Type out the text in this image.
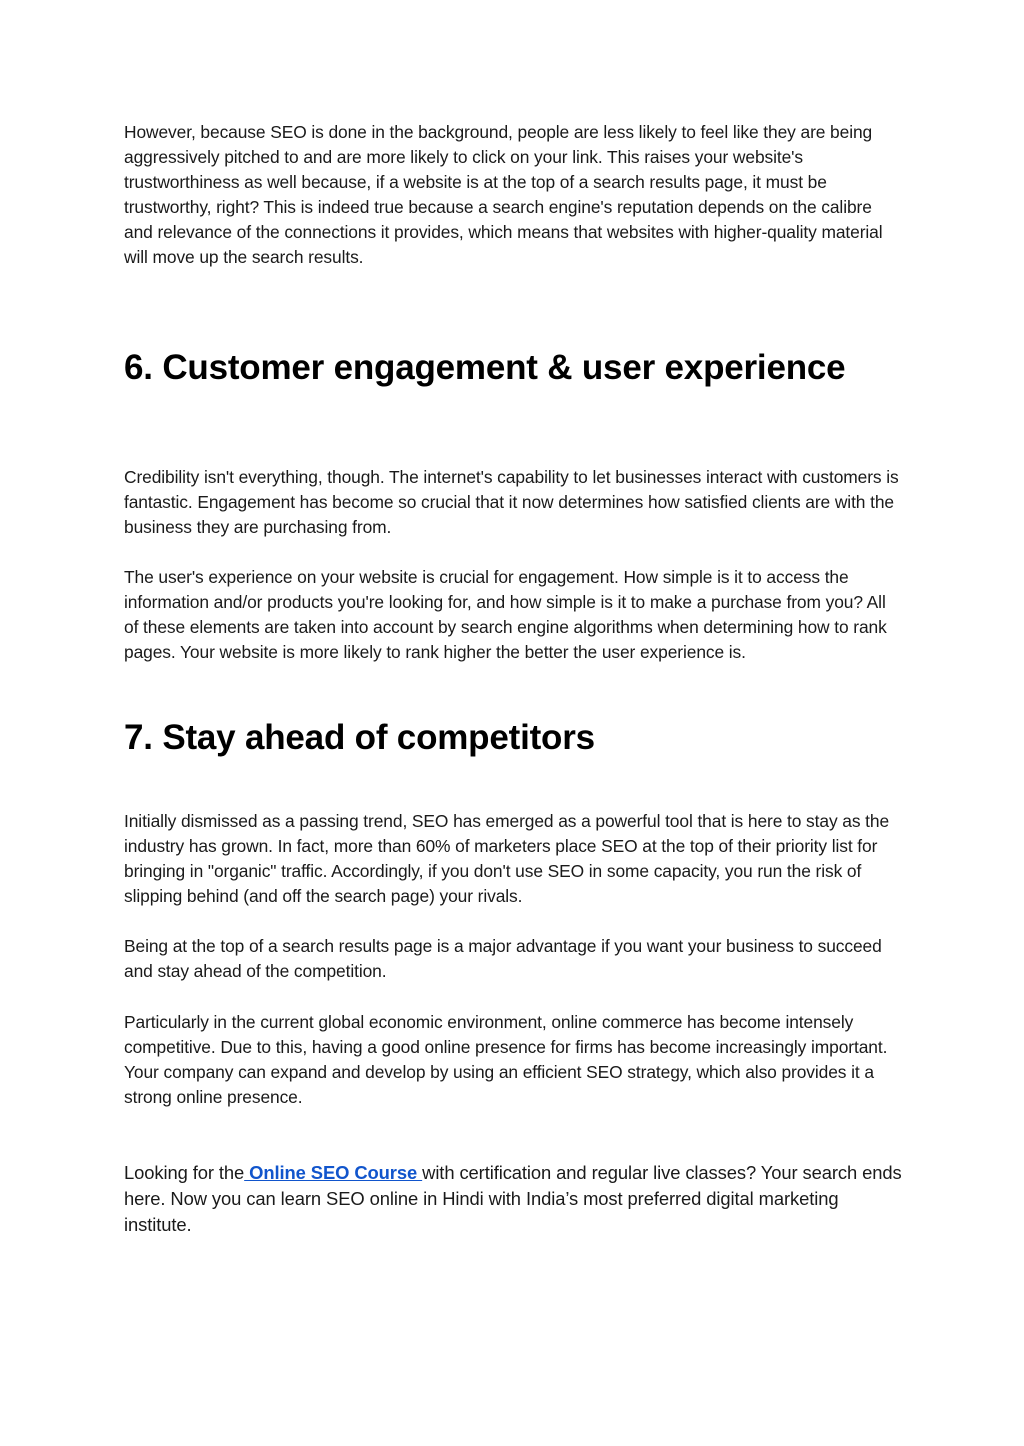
However, because SEO is done in the background, people are less likely to feel like they are being aggressively pitched to and are more likely to click on your link. This raises your website's trustworthiness as well because, if a website is at the top of a search results page, it must be trustworthy, right? This is indeed true because a search engine's reputation depends on the calibre and relevance of the connections it provides, which means that websites with higher-quality material will move up the search results.

6. Customer engagement & user experience

Credibility isn't everything, though. The internet's capability to let businesses interact with customers is fantastic. Engagement has become so crucial that it now determines how satisfied clients are with the business they are purchasing from.

The user's experience on your website is crucial for engagement. How simple is it to access the information and/or products you're looking for, and how simple is it to make a purchase from you? All of these elements are taken into account by search engine algorithms when determining how to rank pages. Your website is more likely to rank higher the better the user experience is.

7. Stay ahead of competitors

Initially dismissed as a passing trend, SEO has emerged as a powerful tool that is here to stay as the industry has grown. In fact, more than 60% of marketers place SEO at the top of their priority list for bringing in "organic" traffic. Accordingly, if you don't use SEO in some capacity, you run the risk of slipping behind (and off the search page) your rivals.

Being at the top of a search results page is a major advantage if you want your business to succeed and stay ahead of the competition.

Particularly in the current global economic environment, online commerce has become intensely competitive. Due to this, having a good online presence for firms has become increasingly important. Your company can expand and develop by using an efficient SEO strategy, which also provides it a strong online presence.

Looking for the Online SEO Course with certification and regular live classes? Your search ends here. Now you can learn SEO online in Hindi with India’s most preferred digital marketing institute.
